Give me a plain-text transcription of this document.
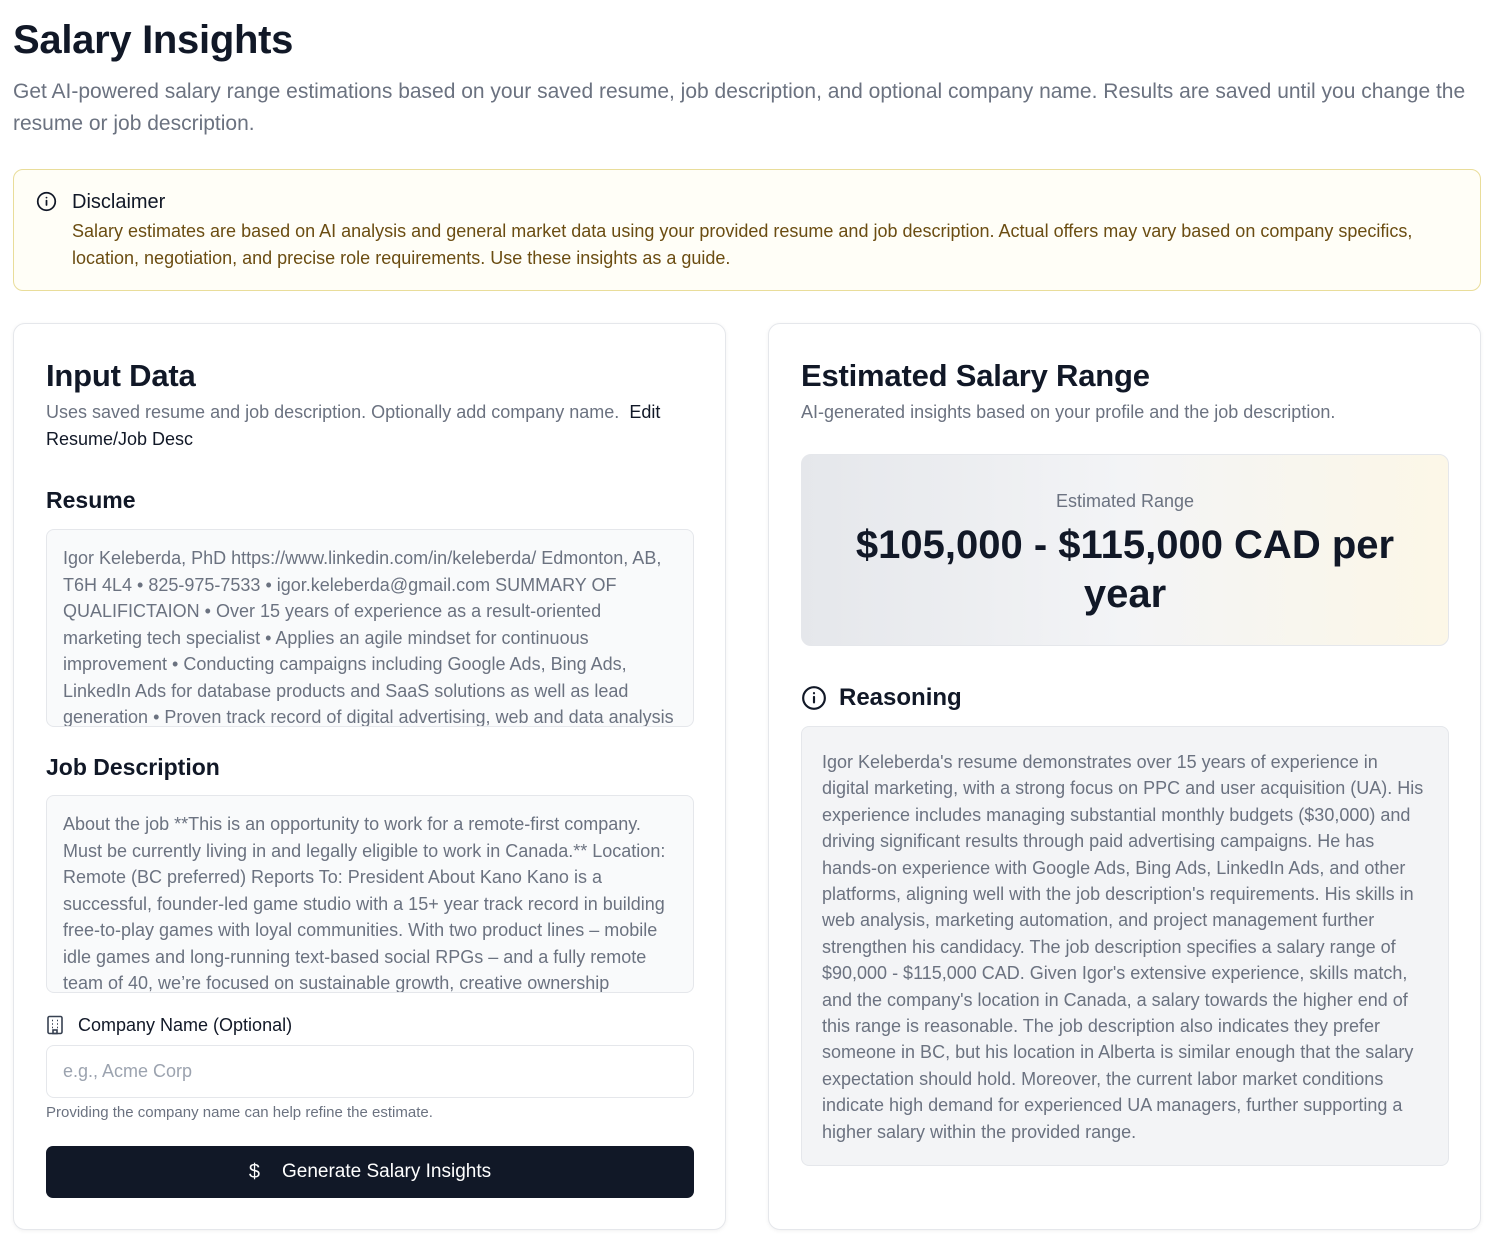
Salary Insights

Get AI-powered salary range estimations based on your saved resume, job description, and optional company name. Results are saved until you change the resume or job description.

Disclaimer
Salary estimates are based on AI analysis and general market data using your provided resume and job description. Actual offers may vary based on company specifics, location, negotiation, and precise role requirements. Use these insights as a guide.
Input Data

Uses saved resume and job description. Optionally add company name. Edit Resume/Job Desc

Resume
Igor Keleberda, PhD https://www.linkedin.com/in/keleberda/ Edmonton, AB, T6H 4L4 • 825-975-7533 • igor.keleberda@gmail.com SUMMARY OF QUALIFICTAION • Over 15 years of experience as a result-oriented marketing tech specialist • Applies an agile mindset for continuous improvement • Conducting campaigns including Google Ads, Bing Ads, LinkedIn Ads for database products and SaaS solutions as well as lead generation • Proven track record of digital advertising, web and data analysis
Job Description
About the job **This is an opportunity to work for a remote-first company. Must be currently living in and legally eligible to work in Canada.** Location: Remote (BC preferred) Reports To: President About Kano Kano is a successful, founder-led game studio with a 15+ year track record in building free-to-play games with loyal communities. With two product lines – mobile idle games and long-running text-based social RPGs – and a fully remote team of 40, we’re focused on sustainable growth, creative ownership
Company Name (Optional)
e.g., Acme Corp
Providing the company name can help refine the estimate.
$ Generate Salary Insights
Estimated Salary Range

AI-generated insights based on your profile and the job description.

Estimated Range
$105,000 - $115,000 CAD per year
Reasoning
Igor Keleberda's resume demonstrates over 15 years of experience in digital marketing, with a strong focus on PPC and user acquisition (UA). His experience includes managing substantial monthly budgets ($30,000) and driving significant results through paid advertising campaigns. He has hands-on experience with Google Ads, Bing Ads, LinkedIn Ads, and other platforms, aligning well with the job description's requirements. His skills in web analysis, marketing automation, and project management further strengthen his candidacy. The job description specifies a salary range of $90,000 - $115,000 CAD. Given Igor's extensive experience, skills match, and the company's location in Canada, a salary towards the higher end of this range is reasonable. The job description also indicates they prefer someone in BC, but his location in Alberta is similar enough that the salary expectation should hold. Moreover, the current labor market conditions indicate high demand for experienced UA managers, further supporting a higher salary within the provided range.
